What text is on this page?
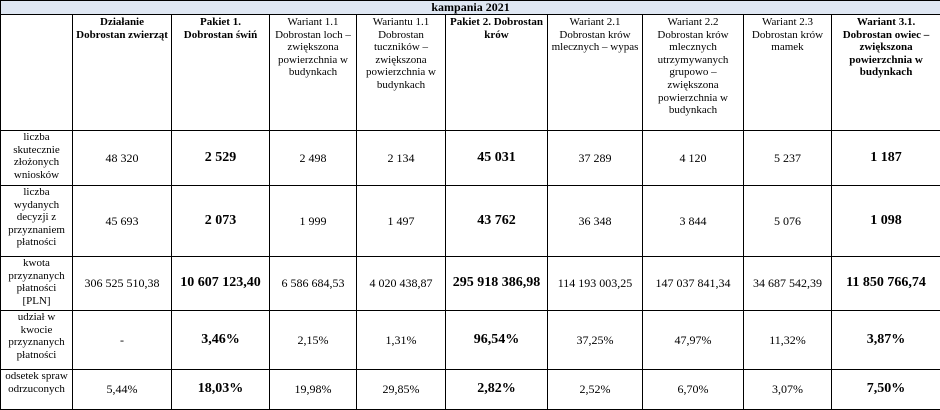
kampania 2021									
	Działanie Dobrostan zwierząt	Pakiet 1. Dobrostan świń	Wariant 1.1 Dobrostan loch – zwiększona powierzchnia w budynkach	Wariantu 1.1 Dobrostan tuczników – zwiększona powierzchnia w budynkach	Pakiet 2. Dobrostan krów	Wariant 2.1 Dobrostan krów mlecznych – wypas	Wariant 2.2 Dobrostan krów mlecznych utrzymywanych grupowo – zwiększona powierzchnia w budynkach	Wariant 2.3 Dobrostan krów mamek	Wariant 3.1. Dobrostan owiec – zwiększona powierzchnia w budynkach
liczba skutecznie złożonych wniosków	48 320	2 529	2 498	2 134	45 031	37 289	4 120	5 237	1 187
liczba wydanych decyzji z przyznaniem płatności	45 693	2 073	1 999	1 497	43 762	36 348	3 844	5 076	1 098
kwota przyznanych płatności [PLN]	306 525 510,38	10 607 123,40	6 586 684,53	4 020 438,87	295 918 386,98	114 193 003,25	147 037 841,34	34 687 542,39	11 850 766,74
udział w kwocie przyznanych płatności	-	3,46%	2,15%	1,31%	96,54%	37,25%	47,97%	11,32%	3,87%
odsetek spraw odrzuconych	5,44%	18,03%	19,98%	29,85%	2,82%	2,52%	6,70%	3,07%	7,50%
